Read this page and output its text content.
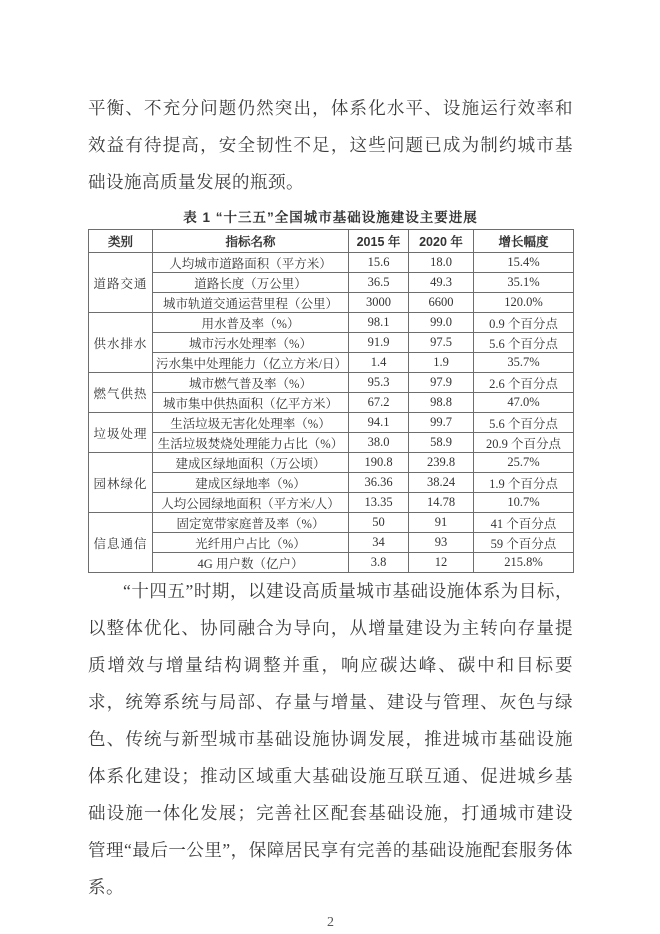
平衡、不充分问题仍然突出，体系化水平、设施运行效率和效益有待提高，安全韧性不足，这些问题已成为制约城市基础设施高质量发展的瓶颈。

表 1 “十三五”全国城市基础设施建设主要进展
类别	指标名称	2015 年	2020 年	增长幅度
道路交通	人均城市道路面积（平方米）	15.6	18.0	15.4%
	道路长度（万公里）	36.5	49.3	35.1%
	城市轨道交通运营里程（公里）	3000	6600	120.0%
供水排水	用水普及率（%）	98.1	99.0	0.9 个百分点
	城市污水处理率（%）	91.9	97.5	5.6 个百分点
	污水集中处理能力（亿立方米/日）	1.4	1.9	35.7%
燃气供热	城市燃气普及率（%）	95.3	97.9	2.6 个百分点
	城市集中供热面积（亿平方米）	67.2	98.8	47.0%
垃圾处理	生活垃圾无害化处理率（%）	94.1	99.7	5.6 个百分点
	生活垃圾焚烧处理能力占比（%）	38.0	58.9	20.9 个百分点
园林绿化	建成区绿地面积（万公顷）	190.8	239.8	25.7%
	建成区绿地率（%）	36.36	38.24	1.9 个百分点
	人均公园绿地面积（平方米/人）	13.35	14.78	10.7%
信息通信	固定宽带家庭普及率（%）	50	91	41 个百分点
	光纤用户占比（%）	34	93	59 个百分点
	4G 用户数（亿户）	3.8	12	215.8%

“十四五”时期，以建设高质量城市基础设施体系为目标，以整体优化、协同融合为导向，从增量建设为主转向存量提质增效与增量结构调整并重，响应碳达峰、碳中和目标要求，统筹系统与局部、存量与增量、建设与管理、灰色与绿色、传统与新型城市基础设施协调发展，推进城市基础设施体系化建设；推动区域重大基础设施互联互通、促进城乡基础设施一体化发展；完善社区配套基础设施，打通城市建设管理“最后一公里”，保障居民享有完善的基础设施配套服务体系。

2
